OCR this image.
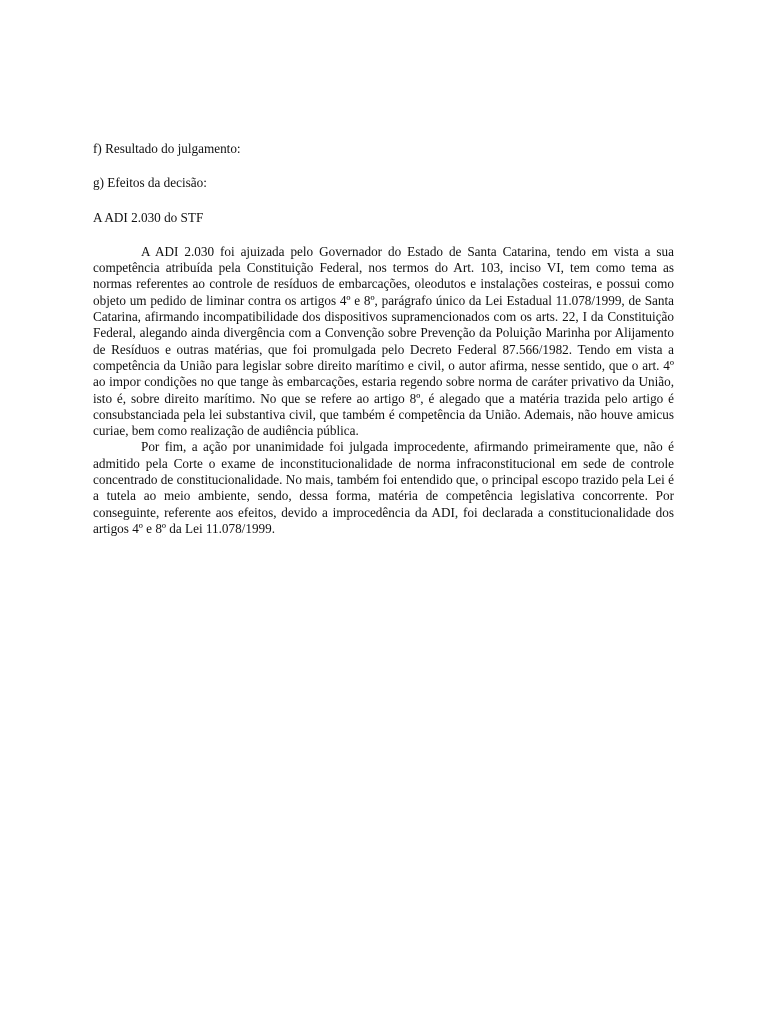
f) Resultado do julgamento:

g) Efeitos da decisão:

A ADI 2.030 do STF

A ADI 2.030 foi ajuizada pelo Governador do Estado de Santa Catarina, tendo em vista a sua competência atribuída pela Constituição Federal, nos termos do Art. 103, inciso VI, tem como tema as normas referentes ao controle de resíduos de embarcações, oleodutos e instalações costeiras, e possui como objeto um pedido de liminar contra os artigos 4º e 8º, parágrafo único da Lei Estadual 11.078/1999, de Santa Catarina, afirmando incompatibilidade dos dispositivos supramencionados com os arts. 22, I da Constituição Federal, alegando ainda divergência com a Convenção sobre Prevenção da Poluição Marinha por Alijamento de Resíduos e outras matérias, que foi promulgada pelo Decreto Federal 87.566/1982. Tendo em vista a competência da União para legislar sobre direito marítimo e civil, o autor afirma, nesse sentido, que o art. 4º ao impor condições no que tange às embarcações, estaria regendo sobre norma de caráter privativo da União, isto é, sobre direito marítimo. No que se refere ao artigo 8º, é alegado que a matéria trazida pelo artigo é consubstanciada pela lei substantiva civil, que também é competência da União. Ademais, não houve amicus curiae, bem como realização de audiência pública.

Por fim, a ação por unanimidade foi julgada improcedente, afirmando primeiramente que, não é admitido pela Corte o exame de inconstitucionalidade de norma infraconstitucional em sede de controle concentrado de constitucionalidade. No mais, também foi entendido que, o principal escopo trazido pela Lei é a tutela ao meio ambiente, sendo, dessa forma, matéria de competência legislativa concorrente. Por conseguinte, referente aos efeitos, devido a improcedência da ADI, foi declarada a constitucionalidade dos artigos 4º e 8º da Lei 11.078/1999.
